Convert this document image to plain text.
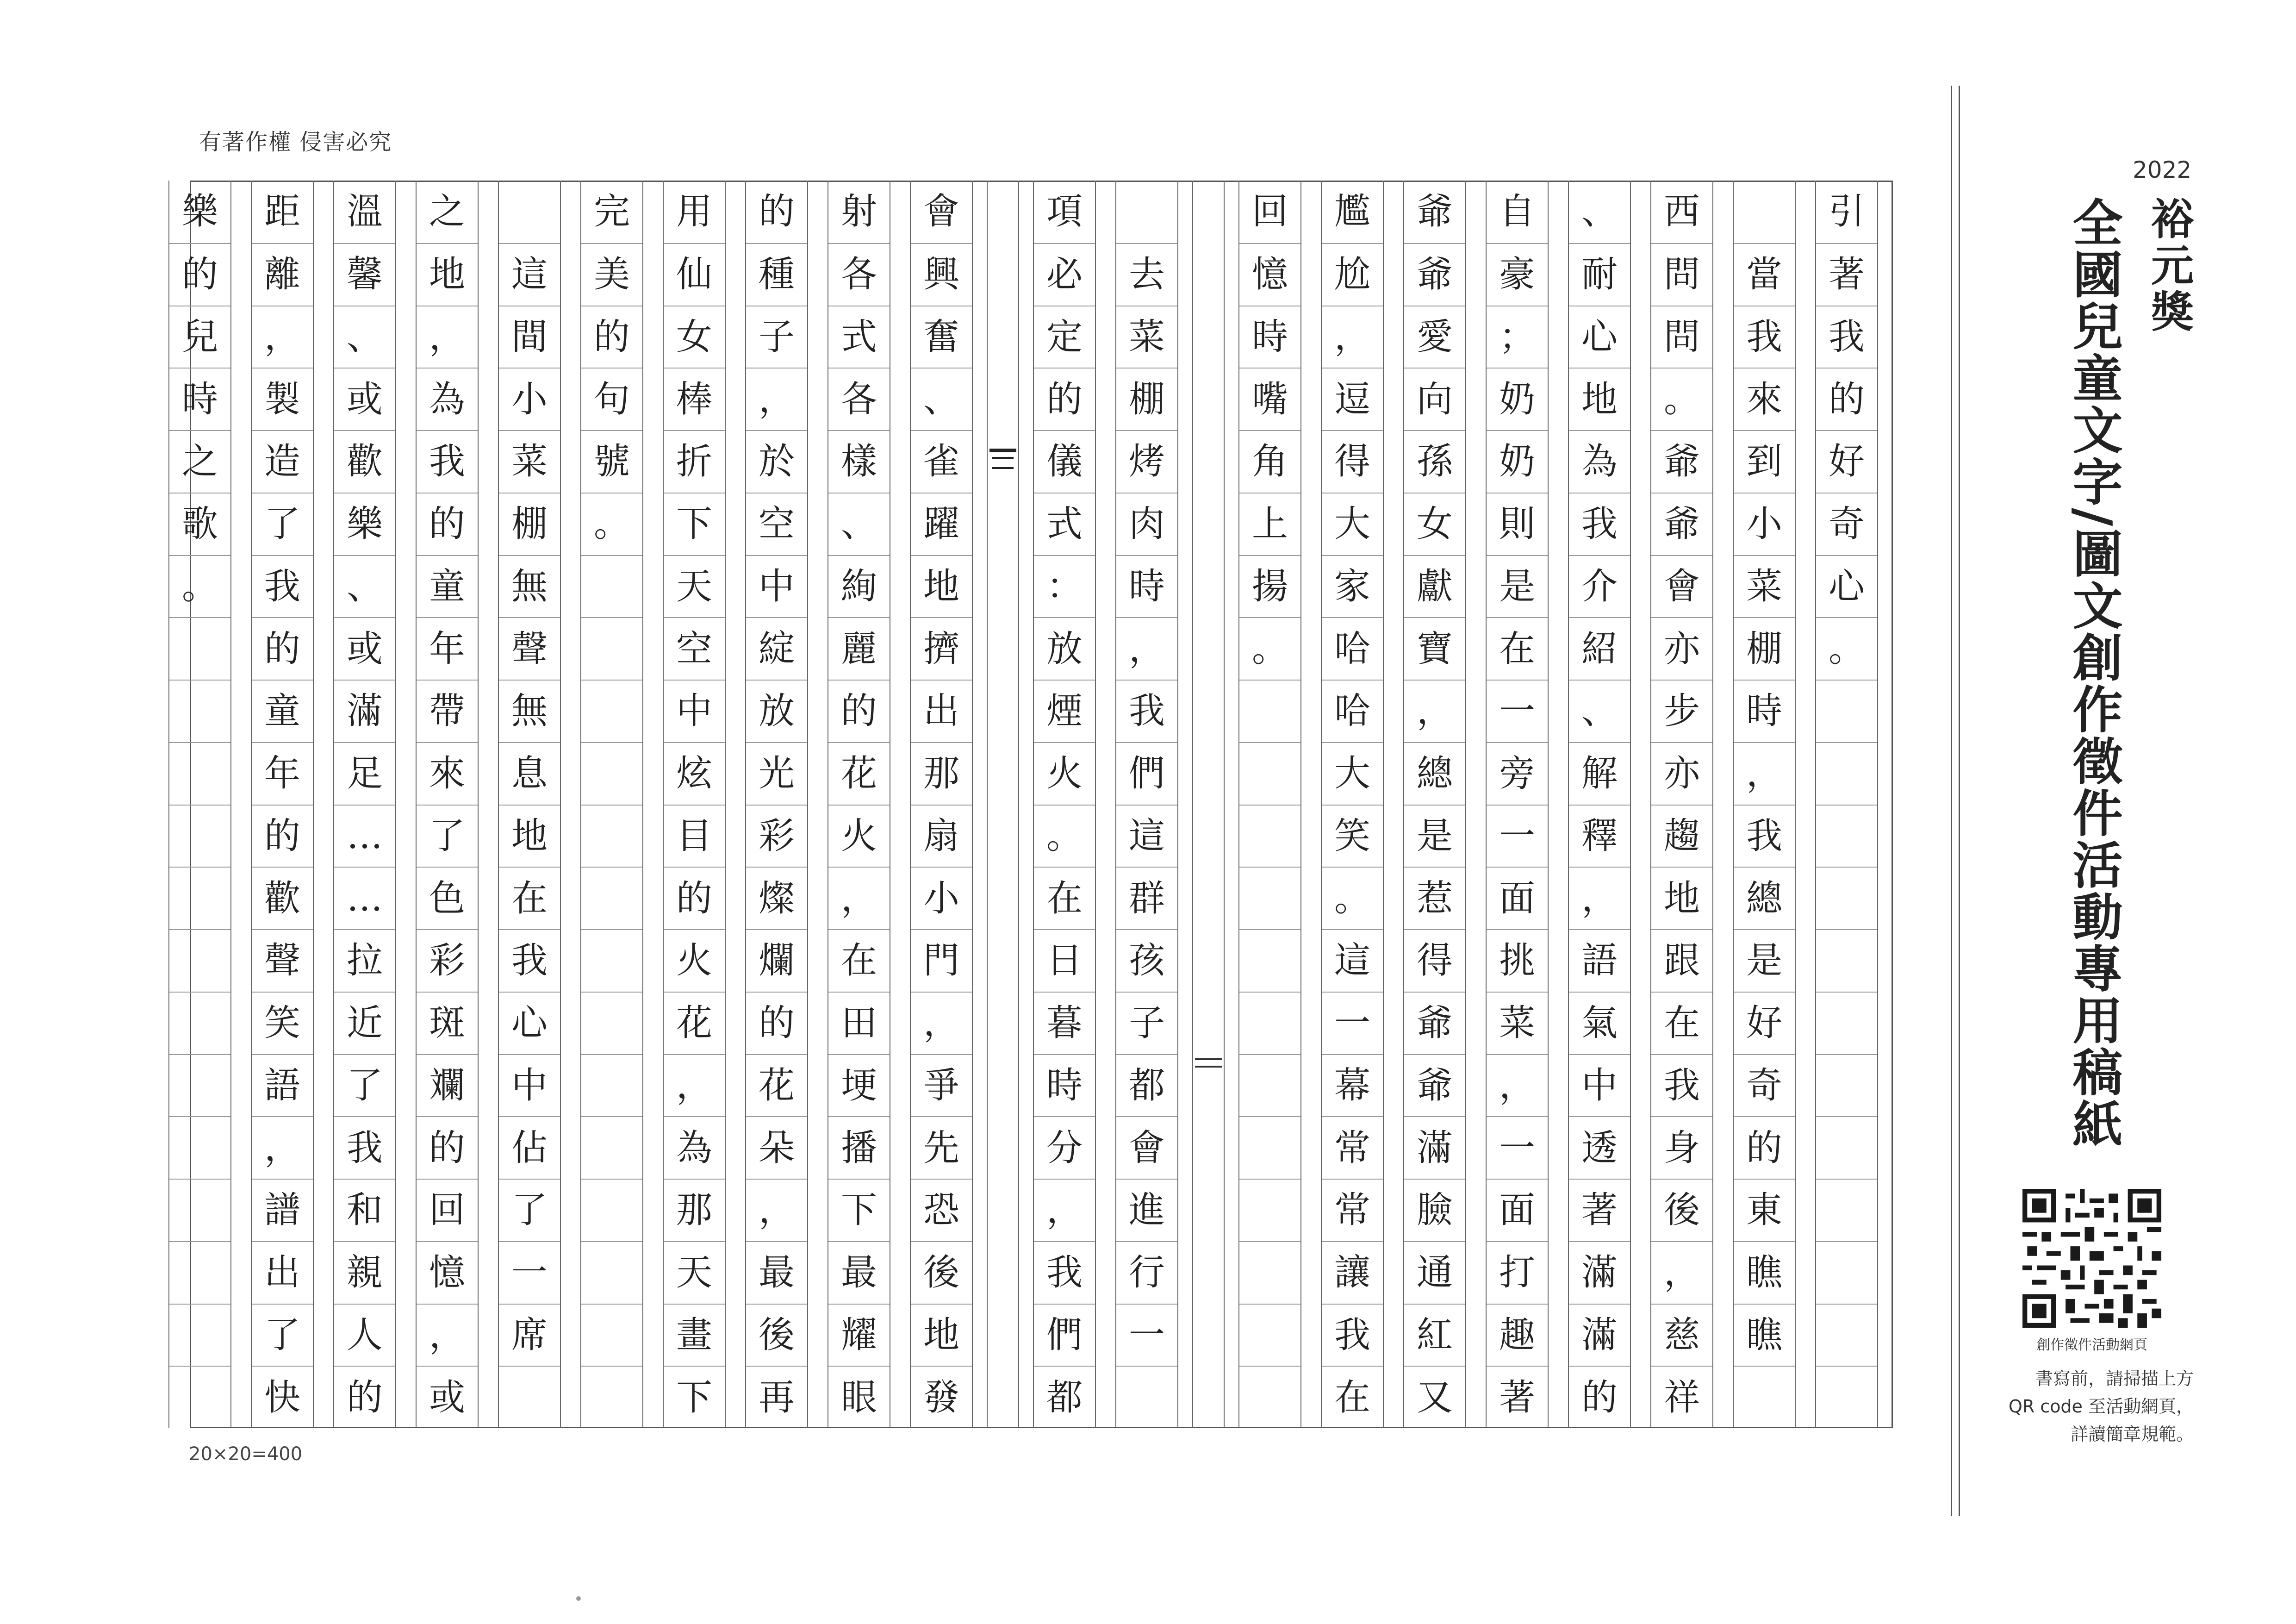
有著作權 侵害必究
引
著
我
的
好
奇
心
。
當
我
來
到
小
菜
棚
時
，
我
總
是
好
奇
的
東
瞧
瞧
西
問
問
。
爺
爺
會
亦
步
亦
趨
地
跟
在
我
身
後
，
慈
祥
、
耐
心
地
為
我
介
紹
、
解
釋
，
語
氣
中
透
著
滿
滿
的
自
豪
；
奶
奶
則
是
在
一
旁
一
面
挑
菜
，
一
面
打
趣
著
爺
爺
愛
向
孫
女
獻
寶
，
總
是
惹
得
爺
爺
滿
臉
通
紅
又
尷
尬
，
逗
得
大
家
哈
哈
大
笑
。
這
一
幕
常
常
讓
我
在
回
憶
時
嘴
角
上
揚
。
去
菜
棚
烤
肉
時
，
我
們
這
群
孩
子
都
會
進
行
一
項
必
定
的
儀
式
：
放
煙
火
。
在
日
暮
時
分
，
我
們
都
會
興
奮
、
雀
躍
地
擠
出
那
扇
小
門
，
爭
先
恐
後
地
發
射
各
式
各
樣
、
絢
麗
的
花
火
，
在
田
埂
播
下
最
耀
眼
的
種
子
，
於
空
中
綻
放
光
彩
燦
爛
的
花
朵
，
最
後
再
用
仙
女
棒
折
下
天
空
中
炫
目
的
火
花
，
為
那
天
畫
下
完
美
的
句
號
。
這
間
小
菜
棚
無
聲
無
息
地
在
我
心
中
佔
了
一
席
之
地
，
為
我
的
童
年
帶
來
了
色
彩
斑
斕
的
回
憶
，
或
溫
馨
、
或
歡
樂
、
或
滿
足
…
…
拉
近
了
我
和
親
人
的
距
離
，
製
造
了
我
的
童
年
的
歡
聲
笑
語
，
譜
出
了
快
樂
的
兒
時
之
歌
。
20×20=400
2022
裕元獎
全國兒童文字/圖文創作徵件活動專用稿紙
創作徵件活動網頁
書寫前，請掃描上方
QR code 至活動網頁，
詳讀簡章規範。
